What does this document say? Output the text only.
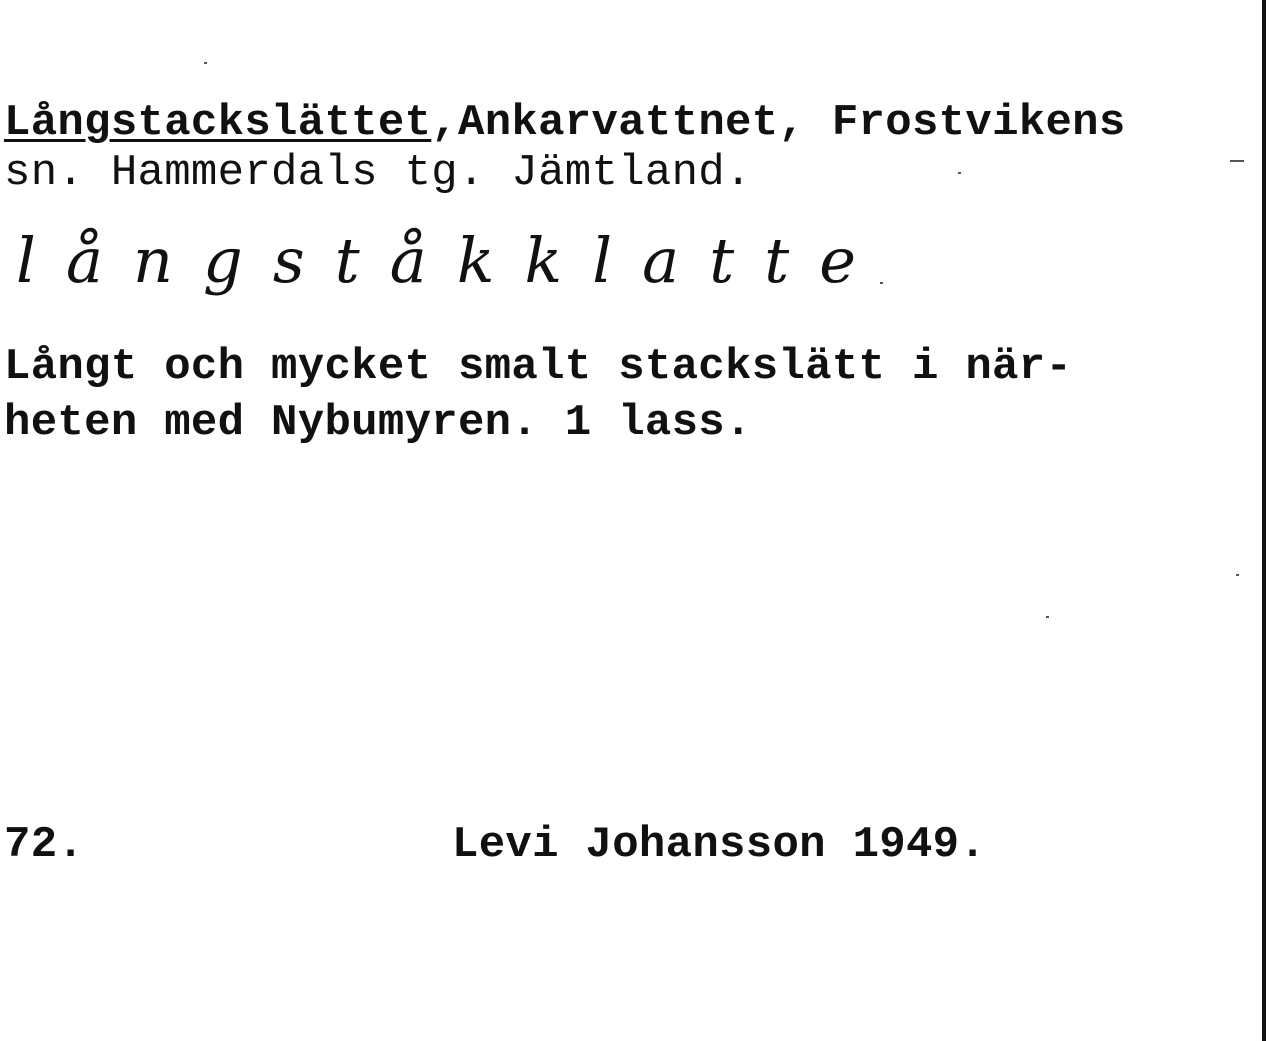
Långstackslättet,Ankarvattnet, Frostvikens
sn. Hammerdals tg. Jämtland.
långståkklatte
Långt och mycket smalt stackslätt i när-
heten med Nybumyren. 1 lass.
72.	Levi Johansson 1949.
